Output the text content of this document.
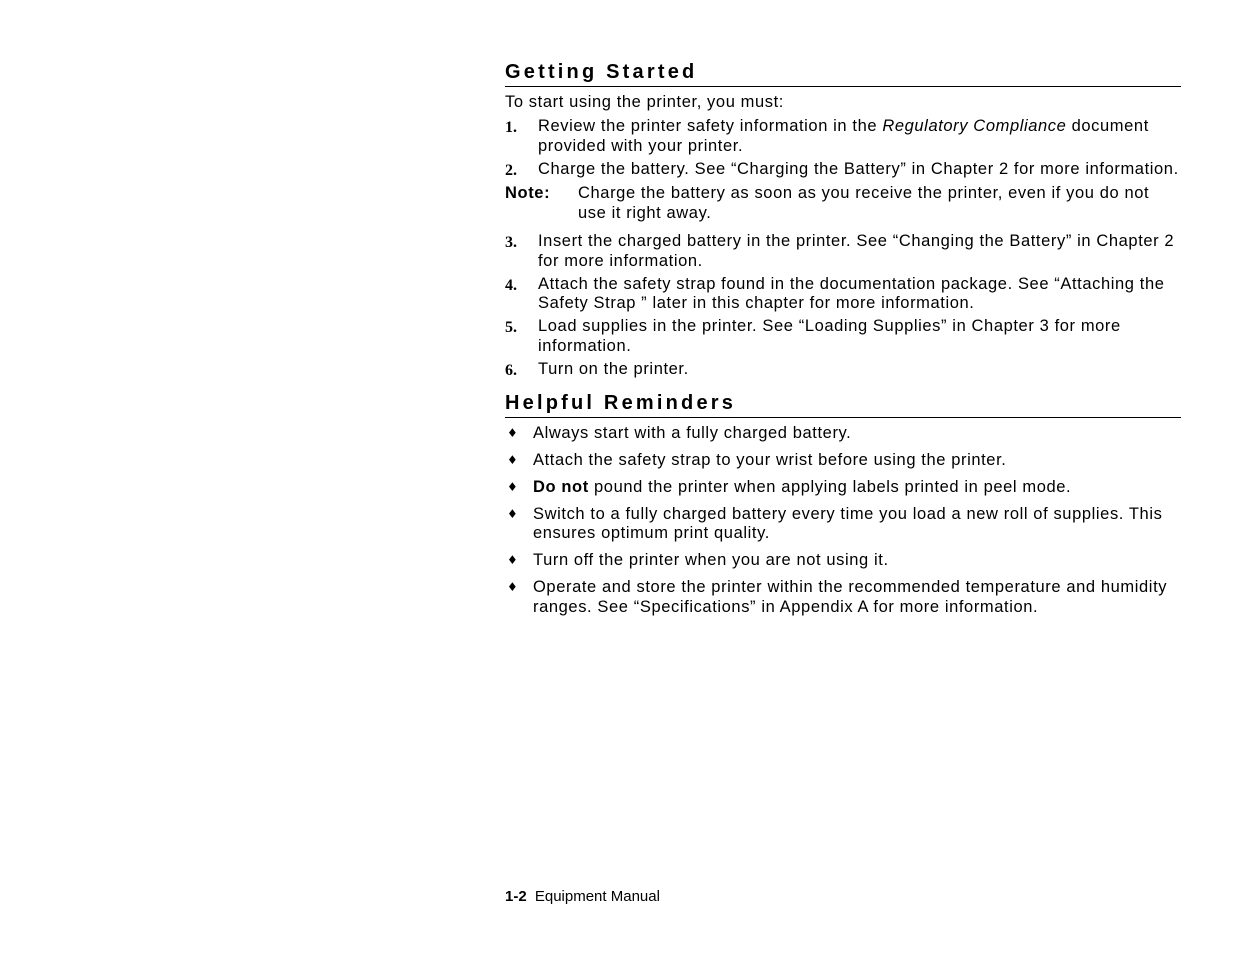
Getting Started

To start using the printer, you must:

1. Review the printer safety information in the Regulatory Compliance document provided with your printer.
2. Charge the battery. See “Charging the Battery” in Chapter 2 for more information.
Note: Charge the battery as soon as you receive the printer, even if you do not use it right away.
3. Insert the charged battery in the printer. See “Changing the Battery” in Chapter 2 for more information.
4. Attach the safety strap found in the documentation package. See “Attaching the Safety Strap ” later in this chapter for more information.
5. Load supplies in the printer. See “Loading Supplies” in Chapter 3 for more information.
6. Turn on the printer.
Helpful Reminders
♦ Always start with a fully charged battery.
♦ Attach the safety strap to your wrist before using the printer.
♦ Do not pound the printer when applying labels printed in peel mode.
♦ Switch to a fully charged battery every time you load a new roll of supplies. This ensures optimum print quality.
♦ Turn off the printer when you are not using it.
♦ Operate and store the printer within the recommended temperature and humidity ranges. See “Specifications” in Appendix A for more information.
1-2 Equipment Manual
